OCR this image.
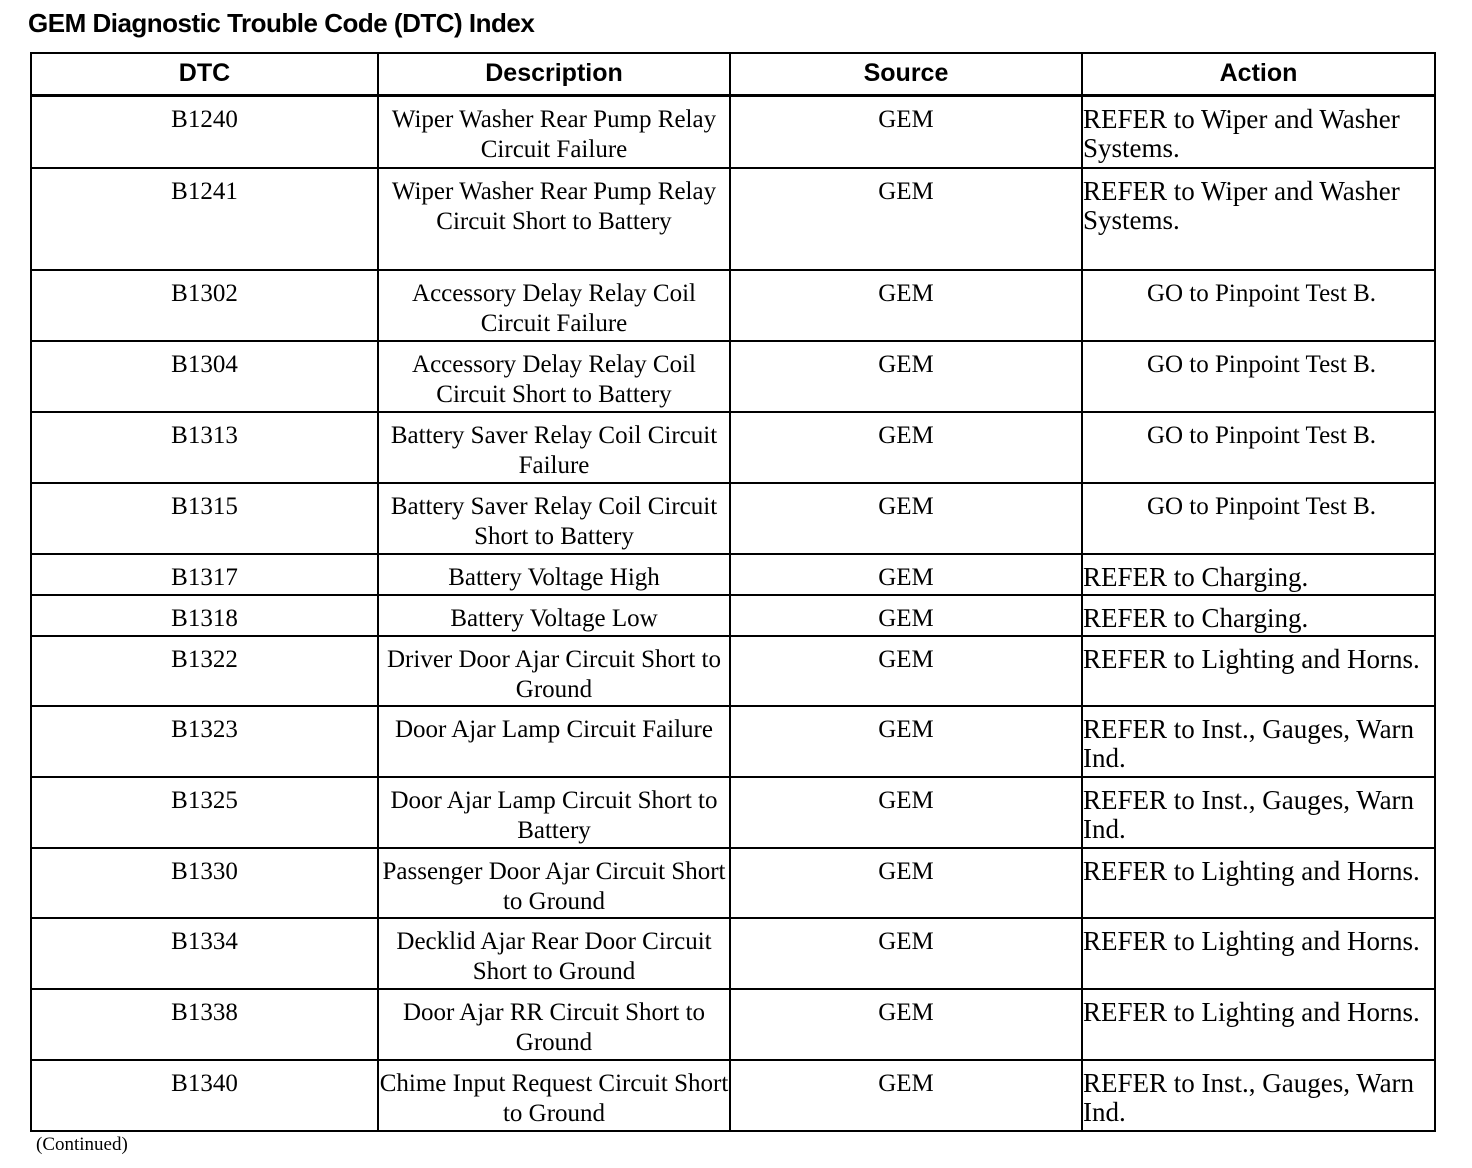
GEM Diagnostic Trouble Code (DTC) Index
DTC	Description	Source	Action
B1240	Wiper Washer Rear Pump Relay Circuit Failure	GEM	REFER to Wiper and Washer Systems.
B1241	Wiper Washer Rear Pump Relay Circuit Short to Battery	GEM	REFER to Wiper and Washer Systems.
B1302	Accessory Delay Relay Coil Circuit Failure	GEM	GO to Pinpoint Test B.
B1304	Accessory Delay Relay Coil Circuit Short to Battery	GEM	GO to Pinpoint Test B.
B1313	Battery Saver Relay Coil Circuit Failure	GEM	GO to Pinpoint Test B.
B1315	Battery Saver Relay Coil Circuit Short to Battery	GEM	GO to Pinpoint Test B.
B1317	Battery Voltage High	GEM	REFER to Charging.
B1318	Battery Voltage Low	GEM	REFER to Charging.
B1322	Driver Door Ajar Circuit Short to Ground	GEM	REFER to Lighting and Horns.
B1323	Door Ajar Lamp Circuit Failure	GEM	REFER to Inst., Gauges, Warn Ind.
B1325	Door Ajar Lamp Circuit Short to Battery	GEM	REFER to Inst., Gauges, Warn Ind.
B1330	Passenger Door Ajar Circuit Short to Ground	GEM	REFER to Lighting and Horns.
B1334	Decklid Ajar Rear Door Circuit Short to Ground	GEM	REFER to Lighting and Horns.
B1338	Door Ajar RR Circuit Short to Ground	GEM	REFER to Lighting and Horns.
B1340	Chime Input Request Circuit Short to Ground	GEM	REFER to Inst., Gauges, Warn Ind.
(Continued)
